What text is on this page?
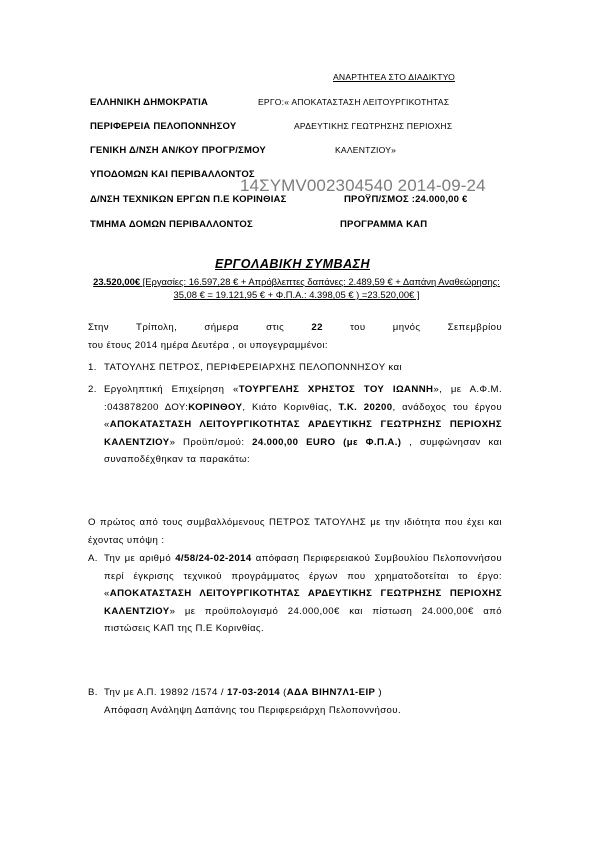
ΑΝΑΡΤΗΤΕΑ ΣΤΟ ΔΙΑΔΙΚΤΥΟ
ΕΛΛΗΝΙΚΗ ΔΗΜΟΚΡΑΤΙΑ
ΠΕΡΙΦΕΡΕΙΑ ΠΕΛΟΠΟΝΝΗΣΟΥ
ΓΕΝΙΚΗ Δ/ΝΣΗ ΑΝ/ΚΟΥ ΠΡΟΓΡ/ΣΜΟΥ
ΥΠΟΔΟΜΩΝ ΚΑΙ ΠΕΡΙΒΑΛΛΟΝΤΟΣ
Δ/ΝΣΗ ΤΕΧΝΙΚΩΝ ΕΡΓΩΝ Π.Ε ΚΟΡΙΝΘΙΑΣ
ΤΜΗΜΑ ΔΟΜΩΝ ΠΕΡΙΒΑΛΛΟΝΤΟΣ
ΕΡΓΟ:« ΑΠΟΚΑΤΑΣΤΑΣΗ ΛΕΙΤΟΥΡΓΙΚΟΤΗΤΑΣ
ΑΡΔΕΥΤΙΚΗΣ ΓΕΩΤΡΗΣΗΣ ΠΕΡΙΟΧΗΣ
ΚΑΛΕΝΤΖΙΟΥ»
ΠΡΟΫΠ/ΣΜΟΣ :24.000,00 €
ΠΡΟΓΡΑΜΜΑ ΚΑΠ
14ΣΥΜV002304540 2014-09-24
ΕΡΓΟΛΑΒΙΚΗ ΣΥΜΒΑΣΗ
23.520,00€ [Εργασίες: 16.597,28 € + Απρόβλεπτες δαπάνες: 2.489,59 € + Δαπάνη Αναθεώρησης: 35,08 € = 19.121,95 € + Φ.Π.Α.: 4.398,05 € ) =23.520,00€ ]
Στην Τρίπολη, σήμερα στις 22 του μηνός Σεπεμβρίου
του έτους 2014 ημέρα Δευτέρα , οι υπογεγραμμένοι:
1. ΤΑΤΟΥΛΗΣ ΠΕΤΡΟΣ, ΠΕΡΙΦΕΡΕΙΑΡΧΗΣ ΠΕΛΟΠΟΝΝΗΣΟΥ και
2. Εργοληπτική Επιχείρηση «ΤΟΥΡΓΕΛΗΣ ΧΡΗΣΤΟΣ ΤΟΥ ΙΩΑΝΝΗ», με Α.Φ.Μ. :043878200 ΔΟΥ:ΚΟΡΙΝΘΟΥ, Κιάτο Κορινθίας, Τ.Κ. 20200, ανάδοχος του έργου «ΑΠΟΚΑΤΑΣΤΑΣΗ ΛΕΙΤΟΥΡΓΙΚΟΤΗΤΑΣ ΑΡΔΕΥΤΙΚΗΣ ΓΕΩΤΡΗΣΗΣ ΠΕΡΙΟΧΗΣ ΚΑΛΕΝΤΖΙΟΥ» Προϋπ/σμού: 24.000,00 EURO (με Φ.Π.Α.) , συμφώνησαν και συναποδέχθηκαν τα παρακάτω:
Ο πρώτος από τους συμβαλλόμενους ΠΕΤΡΟΣ ΤΑΤΟΥΛΗΣ με την ιδιότητα που έχει και έχοντας υπόψη :
Α. Την με αριθμό 4/58/24-02-2014 απόφαση Περιφερειακού Συμβουλίου Πελοποννήσου περί έγκρισης τεχνικού προγράμματος έργων που χρηματοδοτείται το έργο: «ΑΠΟΚΑΤΑΣΤΑΣΗ ΛΕΙΤΟΥΡΓΙΚΟΤΗΤΑΣ ΑΡΔΕΥΤΙΚΗΣ ΓΕΩΤΡΗΣΗΣ ΠΕΡΙΟΧΗΣ ΚΑΛΕΝΤΖΙΟΥ» με προϋπολογισμό 24.000,00€ και πίστωση 24.000,00€ από πιστώσεις ΚΑΠ της Π.Ε Κορινθίας.
Β. Την με Α.Π. 19892 /1574 / 17-03-2014 (ΑΔΑ ΒΙΗΝ7Λ1-ΕΙΡ )
Απόφαση Ανάληψη Δαπάνης του Περιφερειάρχη Πελοποννήσου.
